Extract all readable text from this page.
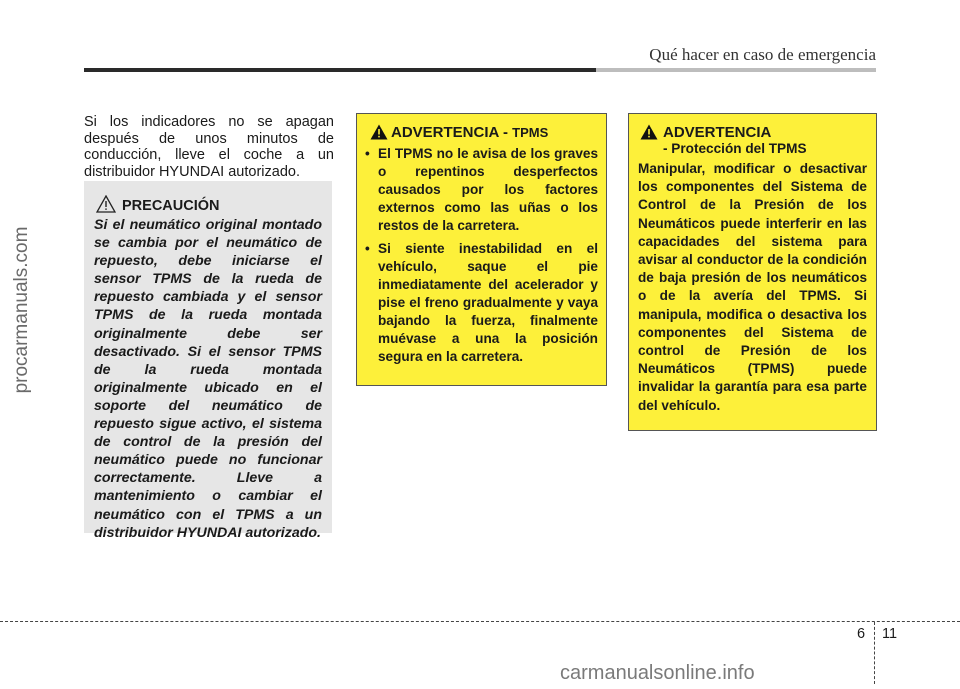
Qué hacer en caso de emergencia
procarmanuals.com

Si los indicadores no se apagan después de unos minutos de conducción, lleve el coche a un distribuidor HYUNDAI autorizado.

PRECAUCIÓN
Si el neumático original montado se cambia por el neumático de repuesto, debe iniciarse el sensor TPMS de la rueda de repuesto cambiada y el sensor TPMS de la rueda montada originalmente debe ser desactivado. Si el sensor TPMS de la rueda montada originalmente ubicado en el soporte del neumático de repuesto sigue activo, el sistema de control de la presión del neumático puede no funcionar correctamente. Lleve a mantenimiento o cambiar el neumático con el TPMS a un distribuidor HYUNDAI autorizado.
ADVERTENCIA - TPMS
• El TPMS no le avisa de los graves o repentinos desperfectos causados por los factores externos como las uñas o los restos de la carretera.
• Si siente inestabilidad en el vehículo, saque el pie inmediatamente del acelerador y pise el freno gradualmente y vaya bajando la fuerza, finalmente muévase a una la posición segura en la carretera.
ADVERTENCIA
- Protección del TPMS
Manipular, modificar o desactivar los componentes del Sistema de Control de la Presión de los Neumáticos puede interferir en las capacidades del sistema para avisar al conductor de la condición de baja presión de los neumáticos o de la avería del TPMS. Si manipula, modifica o desactiva los componentes del Sistema de control de Presión de los Neumáticos (TPMS) puede invalidar la garantía para esa parte del vehículo.
6 11
carmanualsonline.info
